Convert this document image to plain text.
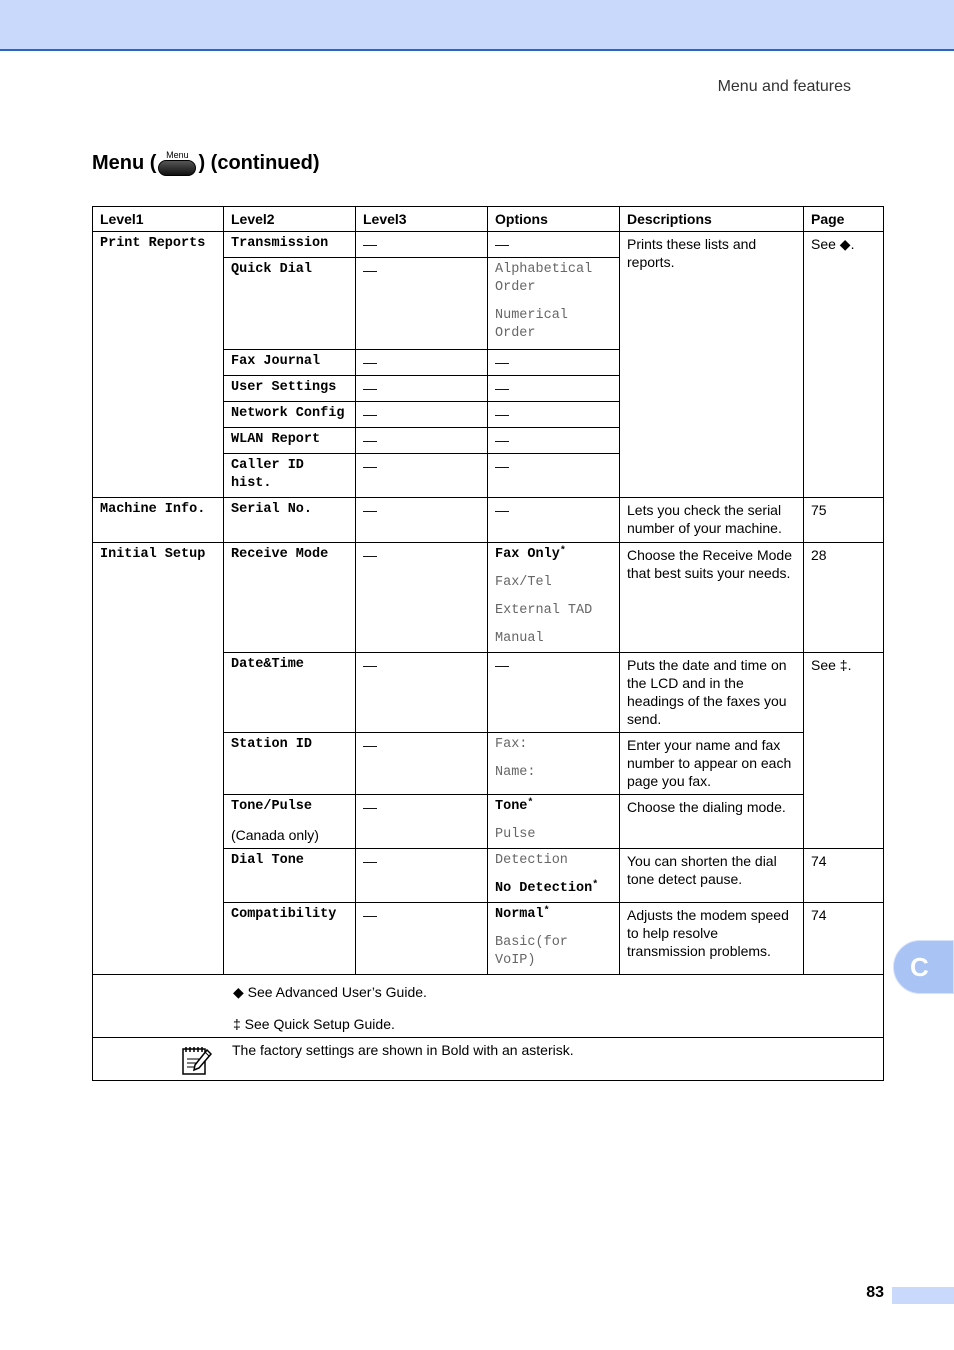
Menu and features
Menu ( Menu ) (continued)
Level1	Level2	Level3	Options	Descriptions	Page
Print Reports	Transmission	—	—	Prints these lists and reports.	See ◆.
	Quick Dial	—	Alphabetical Order
Numerical Order		

	Fax Journal	—	—		
	User Settings	—	—		
	Network Config	—	—		
	WLAN Report	—	—		
	Caller ID hist.	—	—		
Machine Info.	Serial No.	—	—	Lets you check the serial number of your machine.	75
Initial Setup	Receive Mode	—	Fax Only*
Fax/Tel
External TAD
Manual	Choose the Receive Mode that best suits your needs.	28
	Date&Time	—	—	Puts the date and time on the LCD and in the headings of the faxes you send.	See ‡.
	Station ID	—	Fax:
Name:	Enter your name and fax number to appear on each page you fax.	

	Tone/Pulse
(Canada only)	—	Tone*
Pulse	Choose the dialing mode.	
	Dial Tone	—	Detection
No Detection*	You can shorten the dial tone detect pause.	74
	Compatibility	—	Normal*
Basic(for VoIP)	Adjusts the modem speed to help resolve transmission problems.	74

◆ See Advanced User’s Guide.
‡ See Quick Setup Guide.					

The factory settings are shown in Bold with an asterisk.					
C
83
